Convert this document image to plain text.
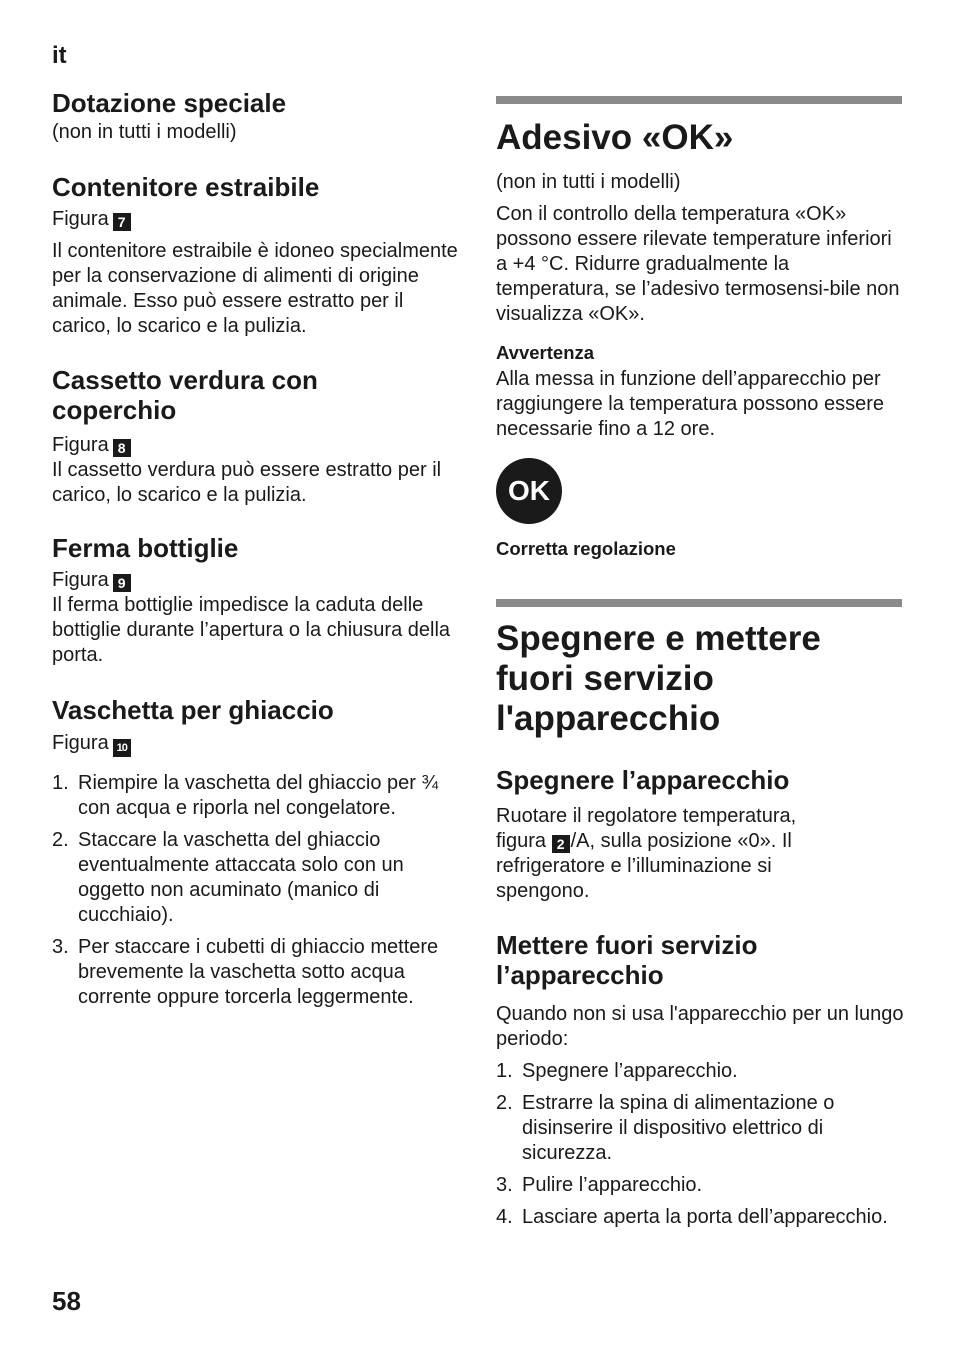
it
Dotazione speciale

(non in tutti i modelli)

Contenitore estraibile
Figura 7

Il contenitore estraibile è idoneo specialmente per la conservazione di alimenti di origine animale. Esso può essere estratto per il carico, lo scarico e la pulizia.

Cassetto verdura con
coperchio
Figura 8

Il cassetto verdura può essere estratto per il carico, lo scarico e la pulizia.

Ferma bottiglie
Figura 9

Il ferma bottiglie impedisce la caduta delle bottiglie durante l’apertura o la chiusura della porta.

Vaschetta per ghiaccio
Figura 10
1. Riempire la vaschetta del ghiaccio per ¾ con acqua e riporla nel congelatore.
2. Staccare la vaschetta del ghiaccio eventualmente attaccata solo con un oggetto non acuminato (manico di cucchiaio).
3. Per staccare i cubetti di ghiaccio mettere brevemente la vaschetta sotto acqua corrente oppure torcerla leggermente.
Adesivo «OK»

(non in tutti i modelli)

Con il controllo della temperatura «OK» possono essere rilevate temperature inferiori a +4 °C. Ridurre gradualmente la temperatura, se l’adesivo termosensi-bile non visualizza «OK».

Avvertenza

Alla messa in funzione dell’apparecchio per raggiungere la temperatura possono essere necessarie fino a 12 ore.

OK
Corretta regolazione
Spegnere e mettere
fuori servizio
l'apparecchio
Spegnere l’apparecchio

Ruotare il regolatore temperatura, figura 2 /A, sulla posizione «0». Il refrigeratore e l’illuminazione si spengono.

Mettere fuori servizio
l’apparecchio

Quando non si usa l'apparecchio per un lungo periodo:

1. Spegnere l’apparecchio.
2. Estrarre la spina di alimentazione o disinserire il dispositivo elettrico di sicurezza.
3. Pulire l’apparecchio.
4. Lasciare aperta la porta dell’apparecchio.
58
